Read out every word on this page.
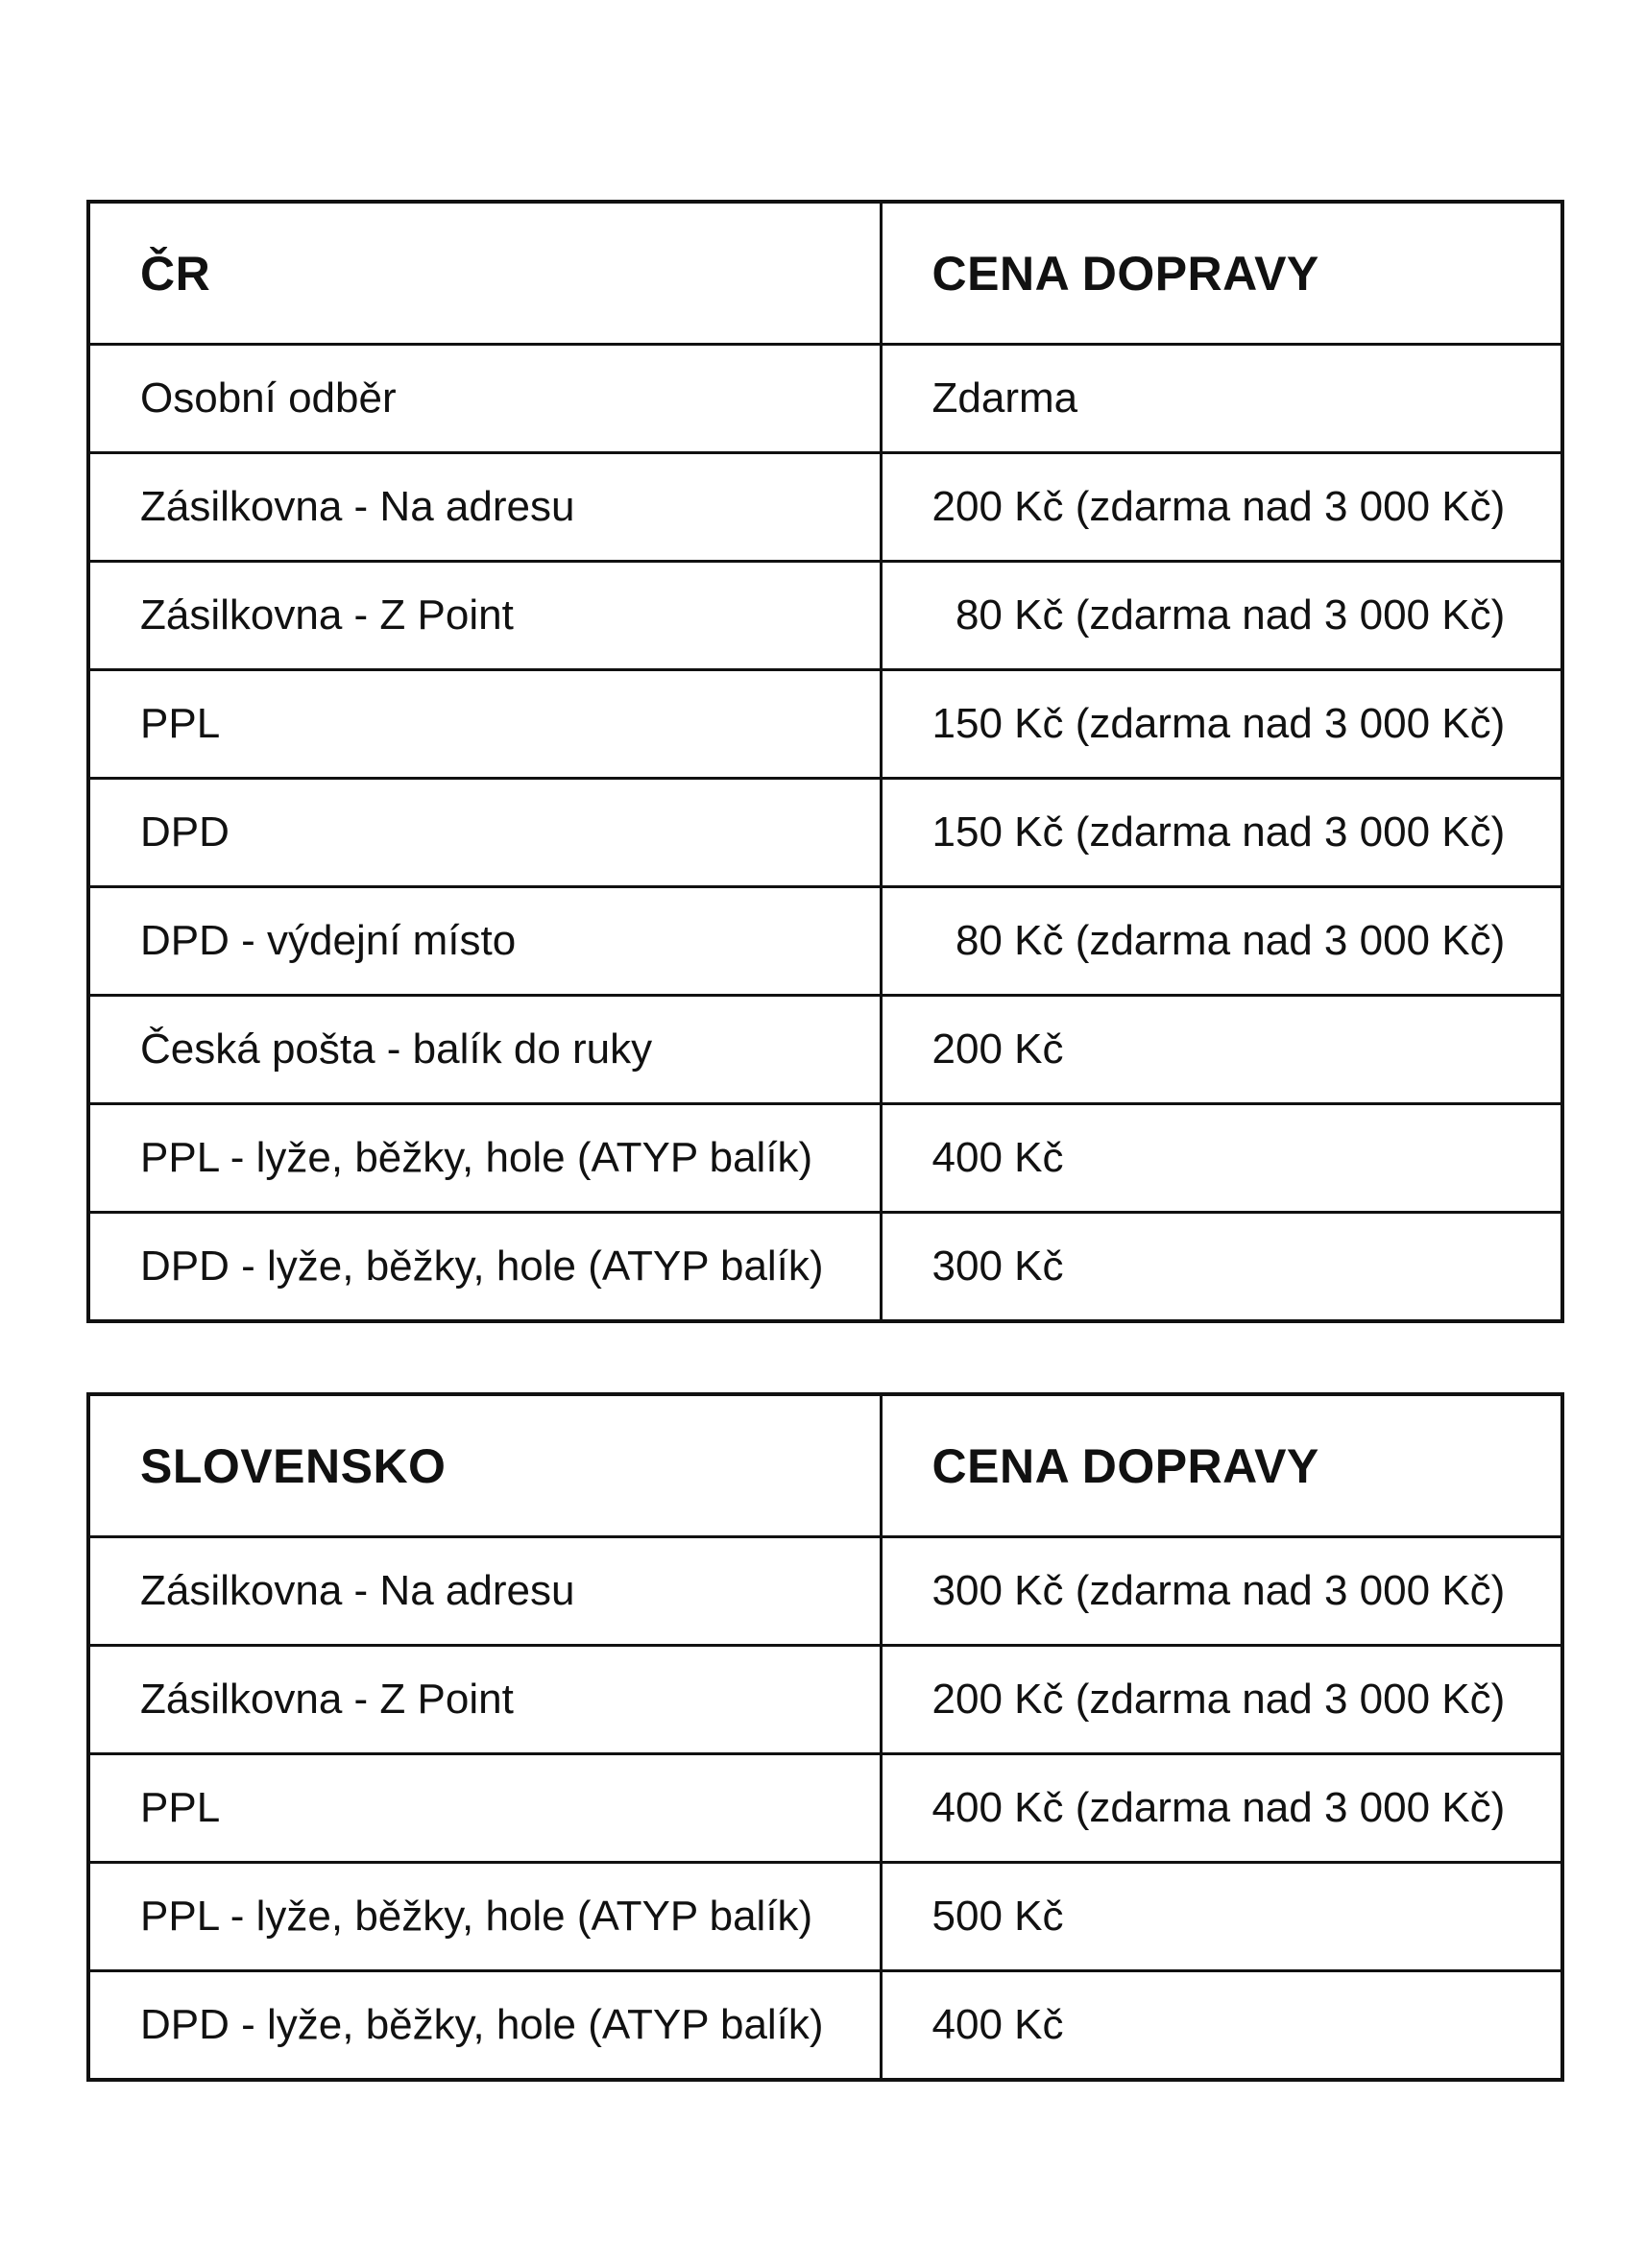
ČR	CENA DOPRAVY
Osobní odběr	Zdarma
Zásilkovna - Na adresu	200 Kč (zdarma nad 3 000 Kč)
Zásilkovna - Z Point	80 Kč (zdarma nad 3 000 Kč)
PPL	150 Kč (zdarma nad 3 000 Kč)
DPD	150 Kč (zdarma nad 3 000 Kč)
DPD - výdejní místo	80 Kč (zdarma nad 3 000 Kč)
Česká pošta - balík do ruky	200 Kč
PPL - lyže, běžky, hole (ATYP balík)	400 Kč
DPD - lyže, běžky, hole (ATYP balík)	300 Kč
SLOVENSKO	CENA DOPRAVY
Zásilkovna - Na adresu	300 Kč (zdarma nad 3 000 Kč)
Zásilkovna - Z Point	200 Kč (zdarma nad 3 000 Kč)
PPL	400 Kč (zdarma nad 3 000 Kč)
PPL - lyže, běžky, hole (ATYP balík)	500 Kč
DPD - lyže, běžky, hole (ATYP balík)	400 Kč
